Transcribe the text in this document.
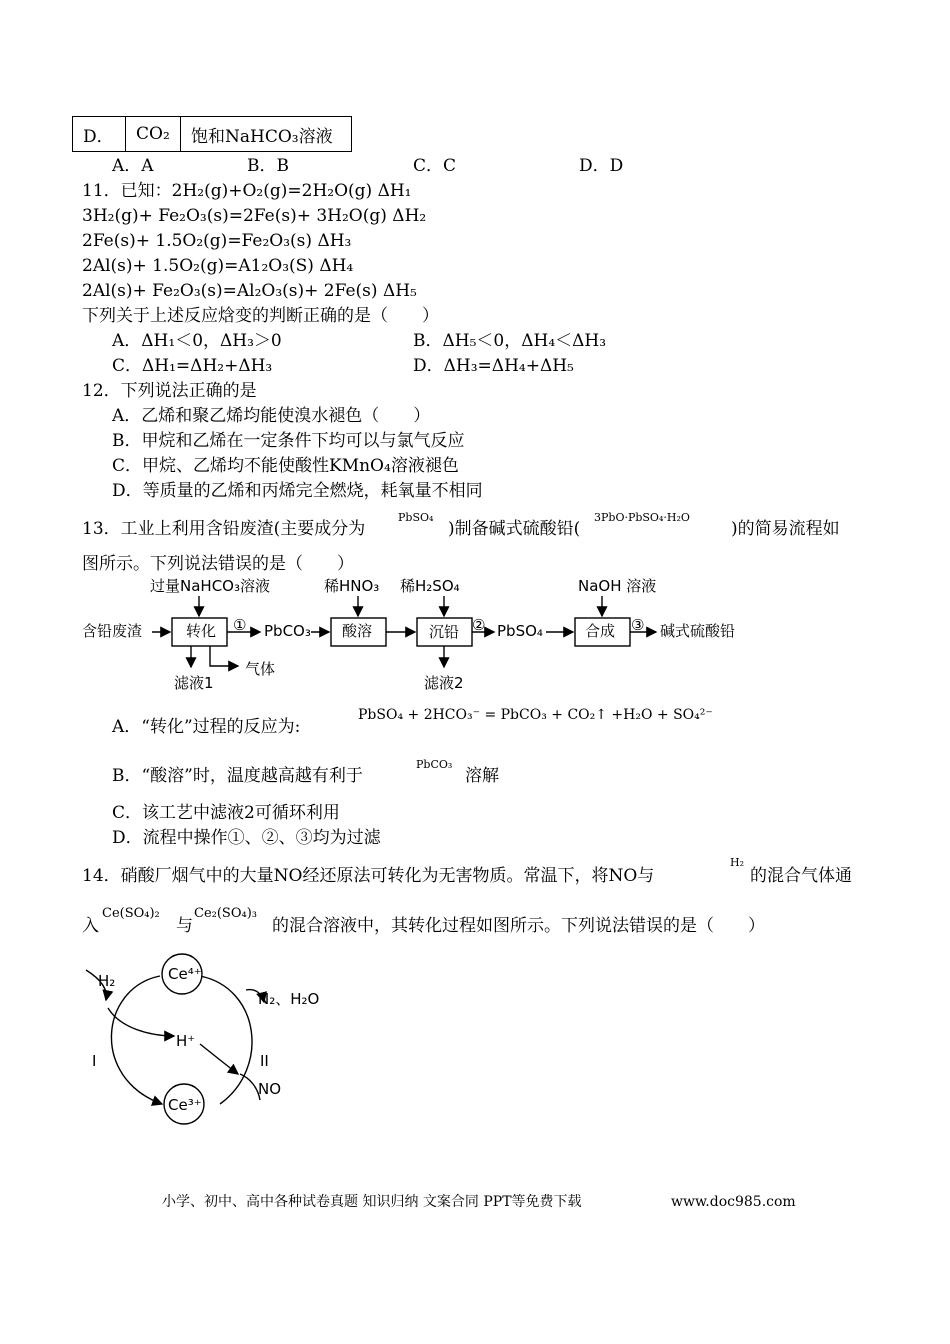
D．	CO₂	饱和NaHCO₃溶液
A．A	B．B	C．C	D．D
11．已知：2H₂(g)+O₂(g)=2H₂O(g) ΔH₁
3H₂(g)+ Fe₂O₃(s)=2Fe(s)+ 3H₂O(g) ΔH₂
2Fe(s)+ 1.5O₂(g)=Fe₂O₃(s) ΔH₃
2Al(s)+ 1.5O₂(g)=A1₂O₃(S) ΔH₄
2Al(s)+ Fe₂O₃(s)=Al₂O₃(s)+ 2Fe(s) ΔH₅
下列关于上述反应焓变的判断正确的是（　　）
A．ΔH₁＜0，ΔH₃＞0	B．ΔH₅＜0，ΔH₄＜ΔH₃
C．ΔH₁=ΔH₂+ΔH₃	D．ΔH₃=ΔH₄+ΔH₅
12．下列说法正确的是
A．乙烯和聚乙烯均能使溴水褪色（　　）
B．甲烷和乙烯在一定条件下均可以与氯气反应
C．甲烷、乙烯均不能使酸性KMnO₄溶液褪色
D．等质量的乙烯和丙烯完全燃烧，耗氧量不相同
13．工业上利用含铅废渣(主要成分为
PbSO₄
)制备碱式硫酸铅(
3PbO·PbSO₄·H₂O
)的简易流程如
图所示。下列说法错误的是（　　）
过量NaHCO₃溶液	稀HNO₃ 稀H₂SO₄	NaOH 溶液
含铅废渣	转化	酸溶	沉铅	合成
① PbCO₃	② PbSO₄	③ 碱式硫酸铅
滤液1
气体
滤液2
A．“转化”过程的反应为:
PbSO₄ + 2HCO₃⁻ = PbCO₃ + CO₂↑ +H₂O + SO₄²⁻
B．“酸溶”时，温度越高越有利于
PbCO₃
溶解
C．该工艺中滤液2可循环利用
D．流程中操作①、②、③均为过滤
14．硝酸厂烟气中的大量NO经还原法可转化为无害物质。常温下，将NO与
H₂
的混合气体通
入
Ce(SO₄)₂
与
Ce₂(SO₄)₃
的混合溶液中，其转化过程如图所示。下列说法错误的是（　　）
H₂	Ce⁴⁺
H⁺
Ce³⁺
N₂、H₂O
NO
I	II
小学、初中、高中各种试卷真题 知识归纳 文案合同 PPT等免费下载	www.doc985.com
